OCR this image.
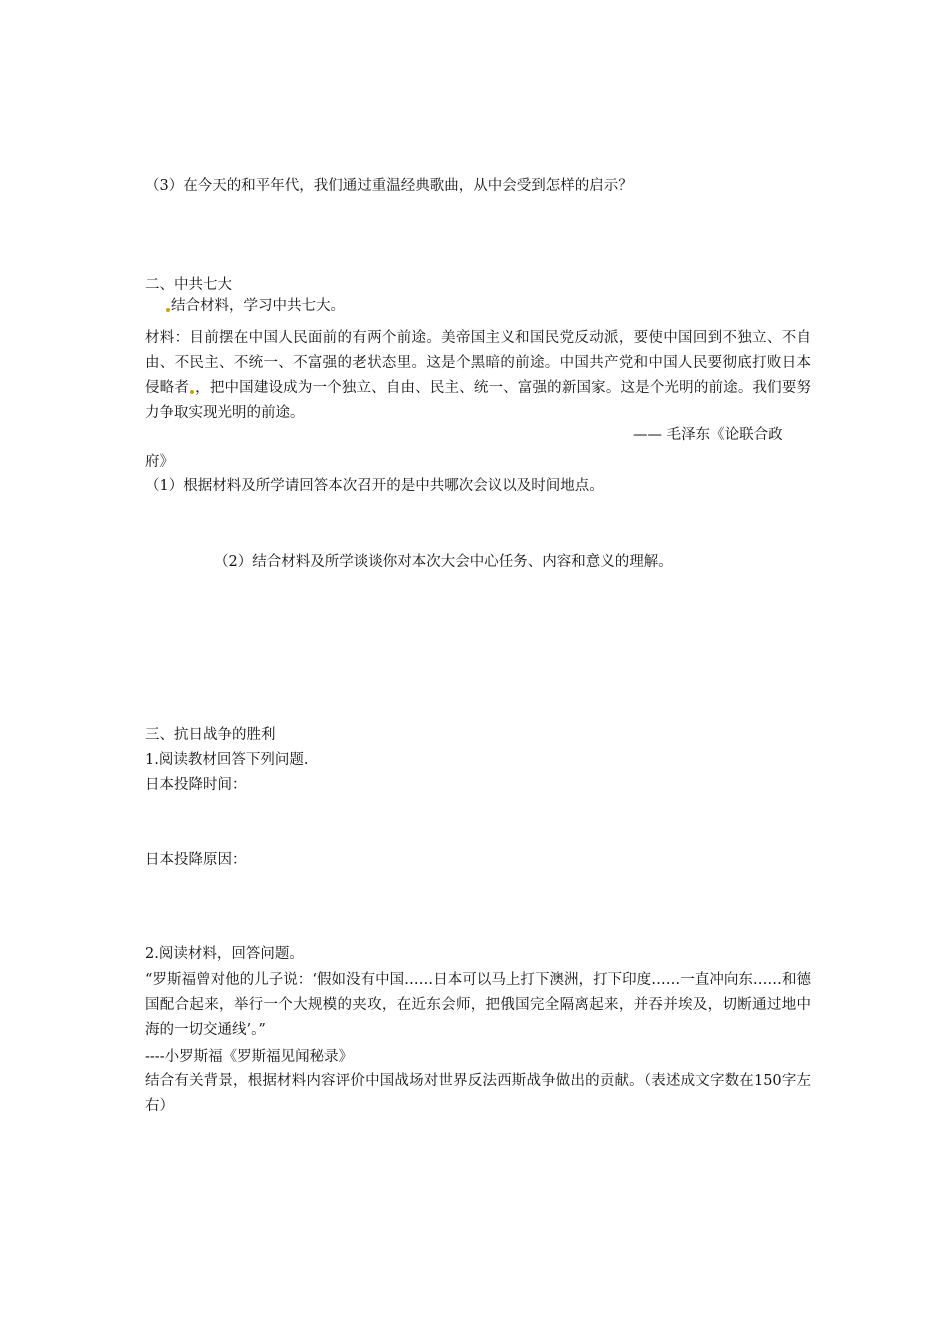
（3）在今天的和平年代，我们通过重温经典歌曲，从中会受到怎样的启示？
二、中共七大
结合材料，学习中共七大。
材料：目前摆在中国人民面前的有两个前途。美帝国主义和国民党反动派，要使中国回到不独立、不自由、不民主、不统一、不富强的老状态里。这是个黑暗的前途。中国共产党和中国人民要彻底打败日本侵略者 ，把中国建设成为一个独立、自由、民主、统一、富强的新国家。这是个光明的前途。我们要努力争取实现光明的前途。
—— 毛泽东《论联合政
府》
（1）根据材料及所学请回答本次召开的是中共哪次会议以及时间地点。
（2）结合材料及所学谈谈你对本次大会中心任务、内容和意义的理解。
三、抗日战争的胜利
1.阅读教材回答下列问题.
日本投降时间：
日本投降原因：
2.阅读材料，回答问题。
“罗斯福曾对他的儿子说：‘假如没有中国……日本可以马上打下澳洲，打下印度……一直冲向东……和德国配合起来，举行一个大规模的夹攻，在近东会师，把俄国完全隔离起来，并吞并埃及，切断通过地中海的一切交通线’。”
----小罗斯福《罗斯福见闻秘录》
结合有关背景，根据材料内容评价中国战场对世界反法西斯战争做出的贡献。（表述成文字数在150字左右）
